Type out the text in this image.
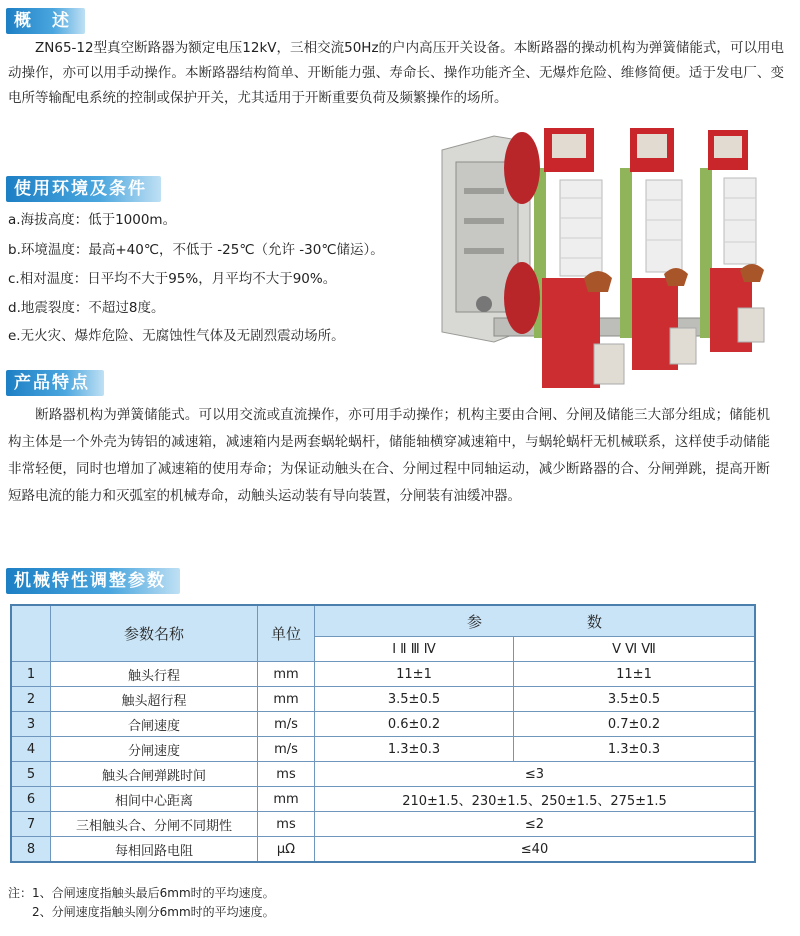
概　述

　　ZN65-12型真空断路器为额定电压12kV，三相交流50Hz的户内高压开关设备。本断路器的操动机构为弹簧储能式，可以用电动操作，亦可以用手动操作。本断路器结构简单、开断能力强、寿命长、操作功能齐全、无爆炸危险、维修简便。适于发电厂、变电所等输配电系统的控制或保护开关，尤其适用于开断重要负荷及频繁操作的场所。

使用环境及条件
a.海拔高度：低于1000m。
b.环境温度：最高+40℃，不低于 -25℃（允许 -30℃储运）。
c.相对温度：日平均不大于95%，月平均不大于90%。
d.地震裂度：不超过8度。
e.无火灾、爆炸危险、无腐蚀性气体及无剧烈震动场所。
产品特点

　　断路器机构为弹簧储能式。可以用交流或直流操作，亦可用手动操作；机构主要由合闸、分闸及储能三大部分组成；储能机构主体是一个外壳为铸铝的减速箱，减速箱内是两套蜗轮蜗杆，储能轴横穿减速箱中，与蜗轮蜗杆无机械联系，这样使手动储能非常轻便，同时也增加了减速箱的使用寿命；为保证动触头在合、分闸过程中同轴运动，减少断路器的合、分闸弹跳，提高开断短路电流的能力和灭弧室的机械寿命，动触头运动装有导向装置，分闸装有油缓冲器。

机械特性调整参数
	参数名称	单位	参　　　　　　　数	
			Ⅰ Ⅱ Ⅲ Ⅳ	Ⅴ Ⅵ Ⅶ
1	触头行程	mm	11±1	11±1
2	触头超行程	mm	3.5±0.5	3.5±0.5
3	合闸速度	m/s	0.6±0.2	0.7±0.2
4	分闸速度	m/s	1.3±0.3	1.3±0.3
5	触头合闸弹跳时间	ms	≤3	
6	相间中心距离	mm	210±1.5、230±1.5、250±1.5、275±1.5	
7	三相触头合、分闸不同期性	ms	≤2	
8	每相回路电阻	μΩ	≤40	
注：1、合闸速度指触头最后6mm时的平均速度。
　　2、分闸速度指触头刚分6mm时的平均速度。
